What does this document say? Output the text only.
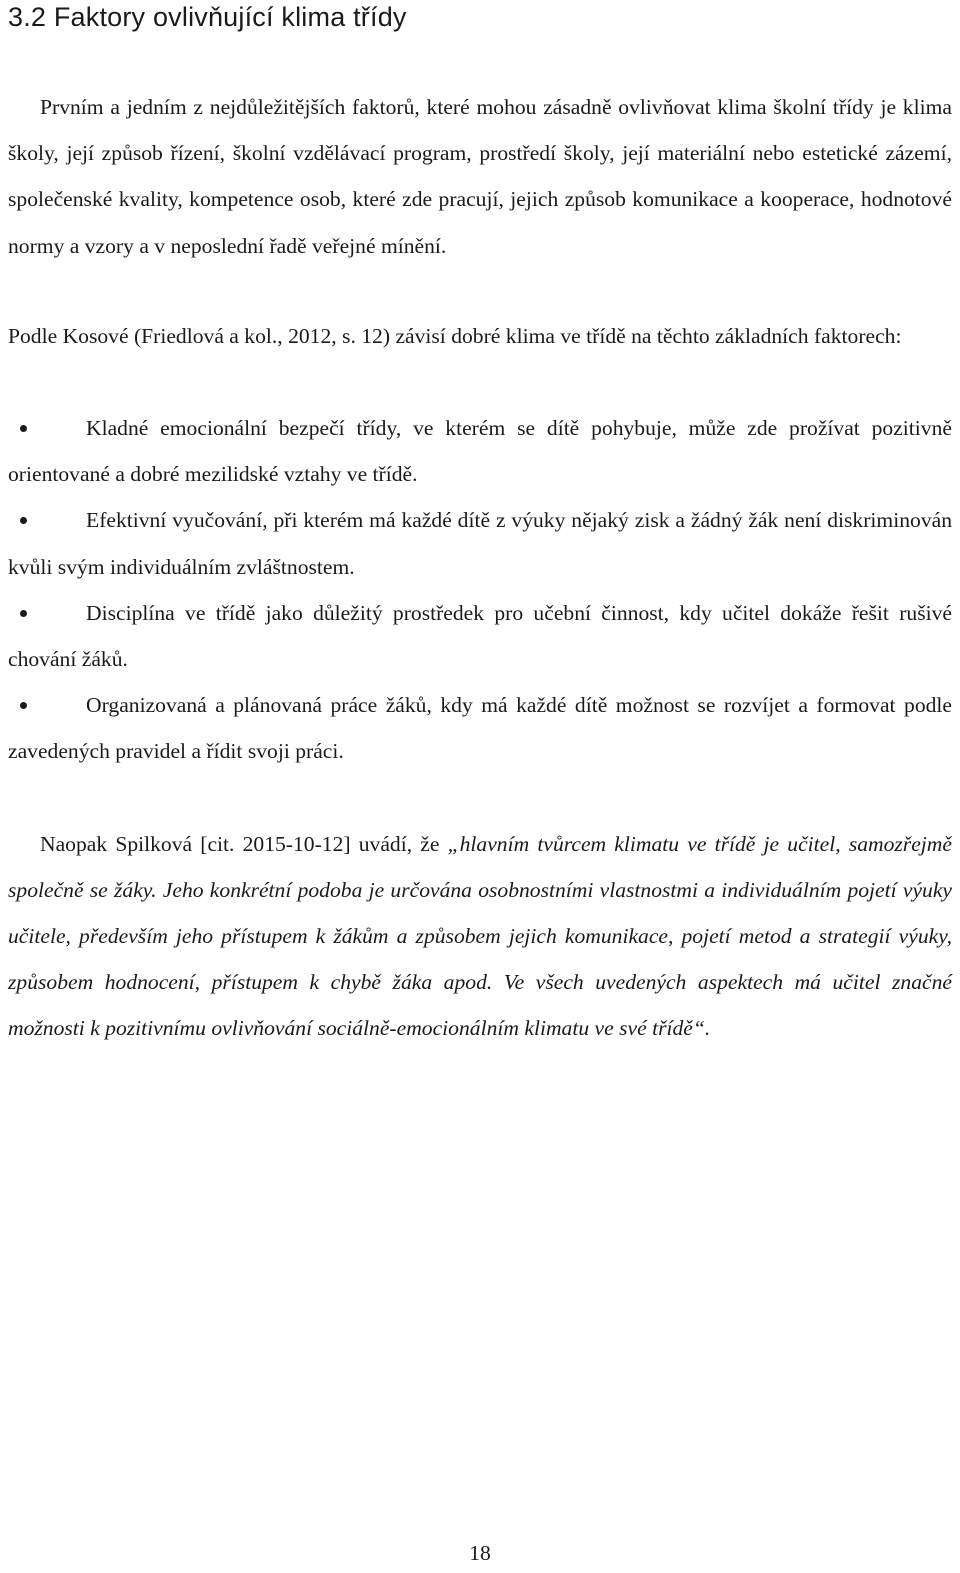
3.2 Faktory ovlivňující klima třídy

Prvním a jedním z nejdůležitějších faktorů, které mohou zásadně ovlivňovat klima školní třídy je klima školy, její způsob řízení, školní vzdělávací program, prostředí školy, její materiální nebo estetické zázemí, společenské kvality, kompetence osob, které zde pracují, jejich způsob komunikace a kooperace, hodnotové normy a vzory a v neposlední řadě veřejné mínění.

Podle Kosové (Friedlová a kol., 2012, s. 12) závisí dobré klima ve třídě na těchto základních faktorech:

Kladné emocionální bezpečí třídy, ve kterém se dítě pohybuje, může zde prožívat pozitivně orientované a dobré mezilidské vztahy ve třídě.

Efektivní vyučování, při kterém má každé dítě z výuky nějaký zisk a žádný žák není diskriminován kvůli svým individuálním zvláštnostem.

Disciplína ve třídě jako důležitý prostředek pro učební činnost, kdy učitel dokáže řešit rušivé chování žáků.

Organizovaná a plánovaná práce žáků, kdy má každé dítě možnost se rozvíjet a formovat podle zavedených pravidel a řídit svoji práci.

Naopak Spilková [cit. 2015-10-12] uvádí, že „hlavním tvůrcem klimatu ve třídě je učitel, samozřejmě společně se žáky. Jeho konkrétní podoba je určována osobnostními vlastnostmi a individuálním pojetí výuky učitele, především jeho přístupem k žákům a způsobem jejich komunikace, pojetí metod a strategií výuky, způsobem hodnocení, přístupem k chybě žáka apod. Ve všech uvedených aspektech má učitel značné možnosti k pozitivnímu ovlivňování sociálně-emocionálním klimatu ve své třídě“.

18
